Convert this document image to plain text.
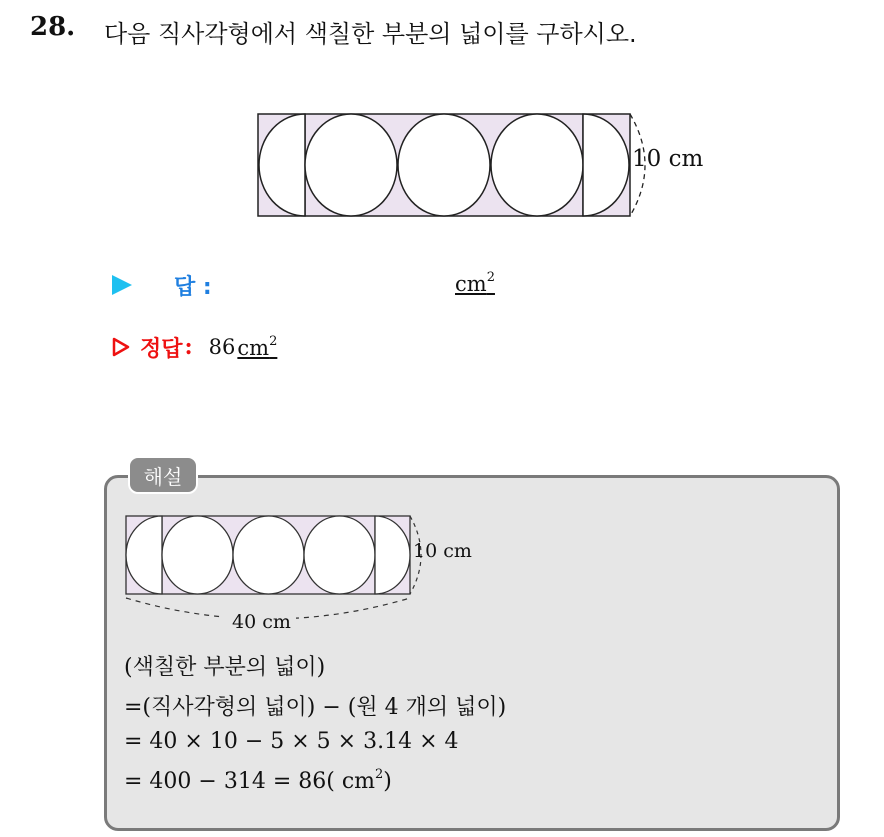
28. 다음 직사각형에서 색칠한 부분의 넓이를 구하시오.
10 cm
답 :	$cm^2$
정답 : 86 $cm^2$
해설
10 cm
40 cm
(색칠한 부분의 넓이)
=(직사각형의 넓이) − (원 4 개의 넓이)
= 40 × 10 − 5 × 5 × 3.14 × 4
= 400 − 314 = 86( $cm^2$)
